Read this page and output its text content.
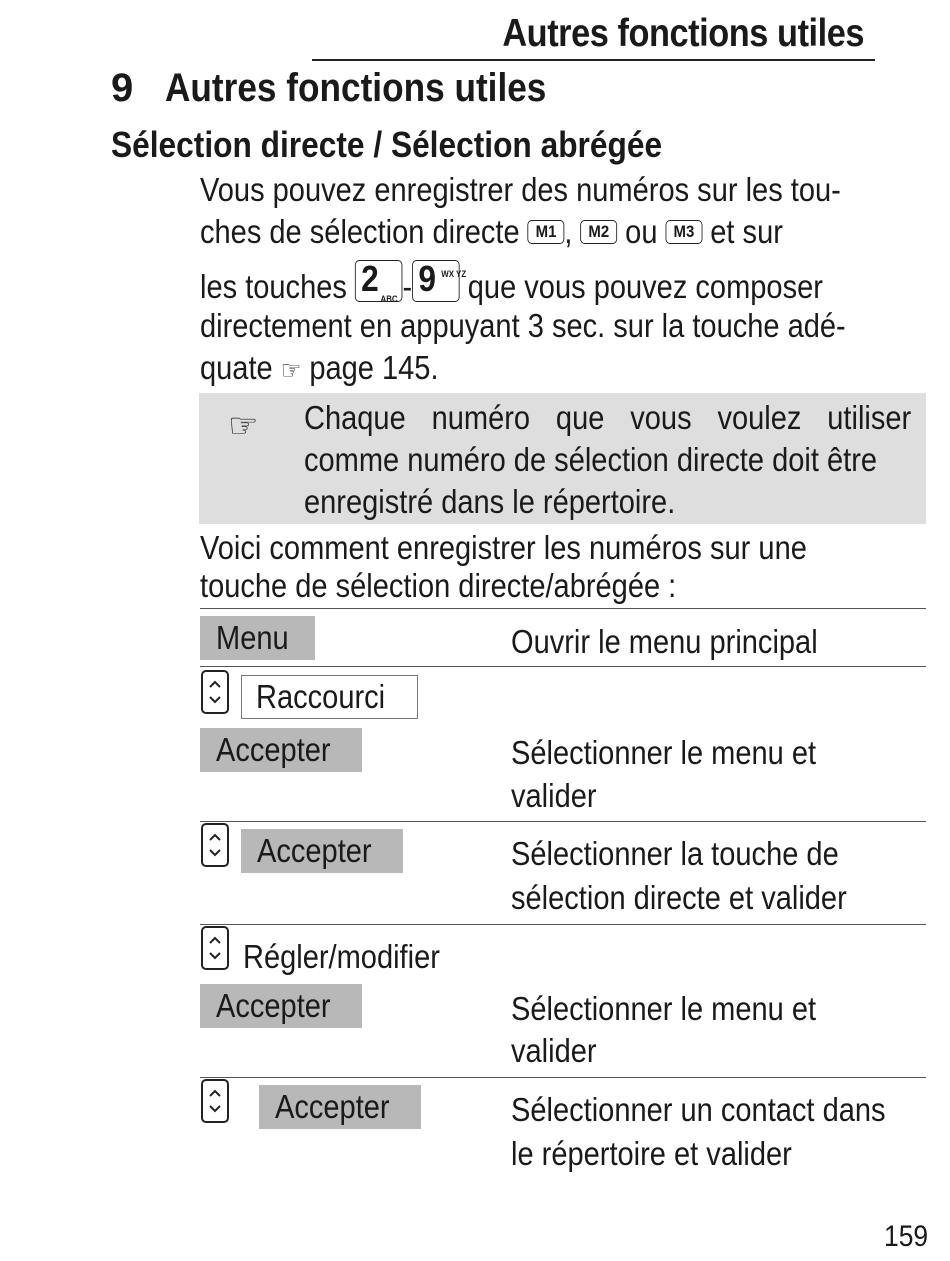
Autres fonctions utiles
9 Autres fonctions utiles
Sélection directe / Sélection abrégée
Vous pouvez enregistrer des numéros sur les tou-
ches de sélection directe M1 , M2 ou M3 et sur
les touches 2 ABC - 9 WX YZ que vous pouvez composer
directement en appuyant 3 sec. sur la touche adé-
quate ☞ page 145.
☞ Chaque numéro que vous voulez utiliser
comme numéro de sélection directe doit être
enregistré dans le répertoire.
Voici comment enregistrer les numéros sur une
touche de sélection directe/abrégée :
Menu	Ouvrir le menu principal
Raccourci
Accepter	Sélectionner le menu et
valider
Accepter	Sélectionner la touche de
sélection directe et valider
Régler/modifier
Accepter	Sélectionner le menu et
valider
Accepter	Sélectionner un contact dans
le répertoire et valider
159
